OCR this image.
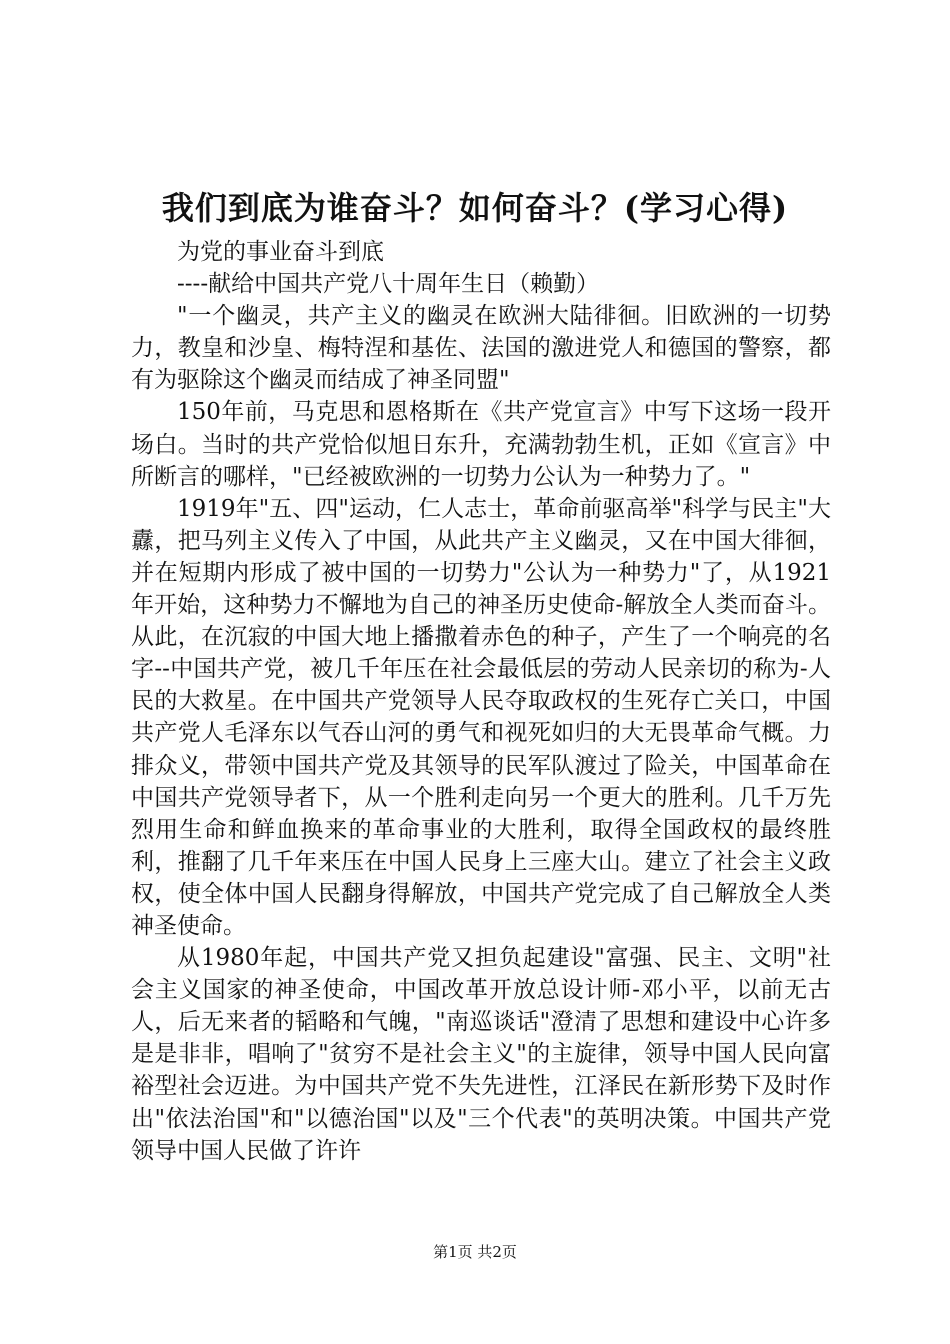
我们到底为谁奋斗？如何奋斗？(学习心得)

为党的事业奋斗到底

----献给中国共产党八十周年生日（赖勤）

"一个幽灵，共产主义的幽灵在欧洲大陆徘徊。旧欧洲的一切势力，教皇和沙皇、梅特涅和基佐、法国的激进党人和德国的警察，都有为驱除这个幽灵而结成了神圣同盟"

150年前，马克思和恩格斯在《共产党宣言》中写下这场一段开场白。当时的共产党恰似旭日东升，充满勃勃生机，正如《宣言》中所断言的哪样，"已经被欧洲的一切势力公认为一种势力了。"

1919年"五、四"运动，仁人志士，革命前驱高举"科学与民主"大纛，把马列主义传入了中国，从此共产主义幽灵，又在中国大徘徊，并在短期内形成了被中国的一切势力"公认为一种势力"了，从1921年开始，这种势力不懈地为自己的神圣历史使命-解放全人类而奋斗。从此，在沉寂的中国大地上播撒着赤色的种子，产生了一个响亮的名字--中国共产党，被几千年压在社会最低层的劳动人民亲切的称为-人民的大救星。在中国共产党领导人民夺取政权的生死存亡关口，中国共产党人毛泽东以气吞山河的勇气和视死如归的大无畏革命气概。力排众义，带领中国共产党及其领导的民军队渡过了险关，中国革命在中国共产党领导者下，从一个胜利走向另一个更大的胜利。几千万先烈用生命和鲜血换来的革命事业的大胜利，取得全国政权的最终胜利，推翻了几千年来压在中国人民身上三座大山。建立了社会主义政权，使全体中国人民翻身得解放，中国共产党完成了自己解放全人类神圣使命。

从1980年起，中国共产党又担负起建设"富强、民主、文明"社会主义国家的神圣使命，中国改革开放总设计师-邓小平，以前无古人，后无来者的韬略和气魄，"南巡谈话"澄清了思想和建设中心许多是是非非，唱响了"贫穷不是社会主义"的主旋律，领导中国人民向富裕型社会迈进。为中国共产党不失先进性，江泽民在新形势下及时作出"依法治国"和"以德治国"以及"三个代表"的英明决策。中国共产党领导中国人民做了许许

第1页 共2页
